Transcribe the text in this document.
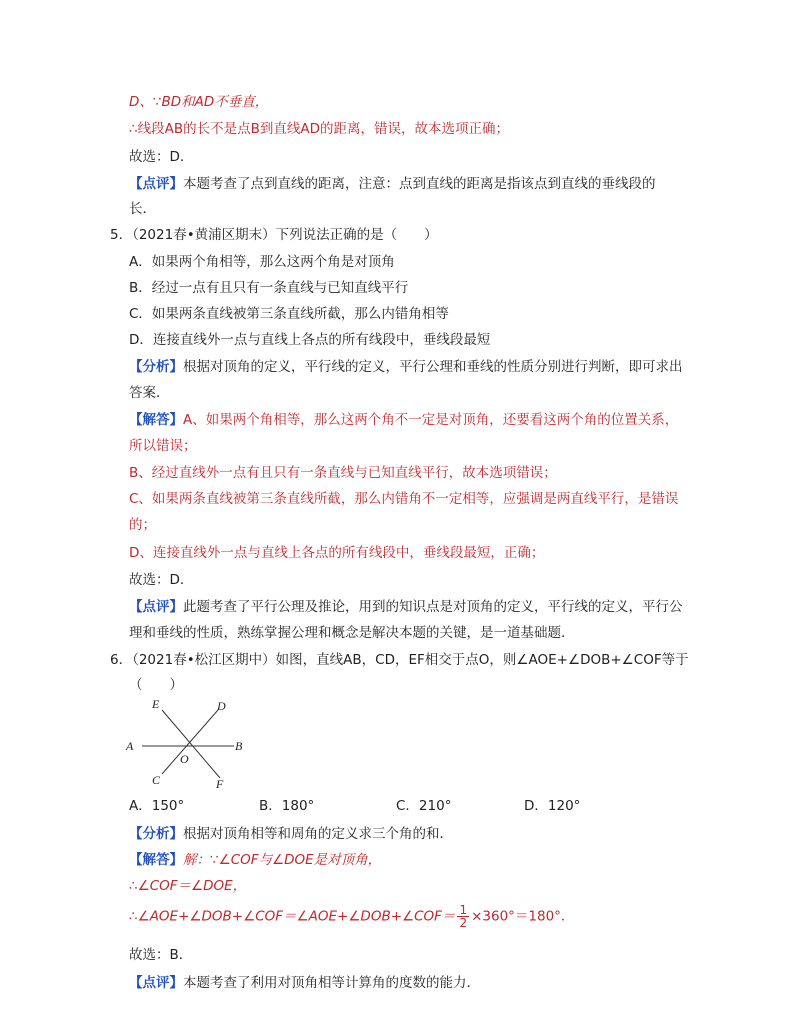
D、∵BD和AD不垂直，
∴线段AB的长不是点B到直线AD的距离，错误，故本选项正确；
故选：D．
【点评】本题考查了点到直线的距离，注意：点到直线的距离是指该点到直线的垂线段的
长．
5．（2021春•黄浦区期末）下列说法正确的是（　　）
A．如果两个角相等，那么这两个角是对顶角
B．经过一点有且只有一条直线与已知直线平行
C．如果两条直线被第三条直线所截，那么内错角相等
D．连接直线外一点与直线上各点的所有线段中，垂线段最短
【分析】根据对顶角的定义，平行线的定义，平行公理和垂线的性质分别进行判断，即可求出
答案．
【解答】A、如果两个角相等，那么这两个角不一定是对顶角，还要看这两个角的位置关系，
所以错误；
B、经过直线外一点有且只有一条直线与已知直线平行，故本选项错误；
C、如果两条直线被第三条直线所截，那么内错角不一定相等，应强调是两直线平行，是错误
的；
D、连接直线外一点与直线上各点的所有线段中，垂线段最短，正确；
故选：D．
【点评】此题考查了平行公理及推论，用到的知识点是对顶角的定义，平行线的定义，平行公
理和垂线的性质，熟练掌握公理和概念是解决本题的关键，是一道基础题．
6．（2021春•松江区期中）如图，直线AB，CD，EF相交于点O，则∠AOE+∠DOB+∠COF等于
（　　）
A	B
C
D
E
F
O
A．150°	B．180°	C．210°	D．120°
【分析】根据对顶角相等和周角的定义求三个角的和．
【解答】解：∵∠COF与∠DOE是对顶角，
∴∠COF＝∠DOE，
∴∠AOE+∠DOB+∠COF＝∠AOE+∠DOB+∠COF＝ $\frac{1}{2} \times 360^\circ=180^\circ$．
故选：B．
【点评】本题考查了利用对顶角相等计算角的度数的能力．
